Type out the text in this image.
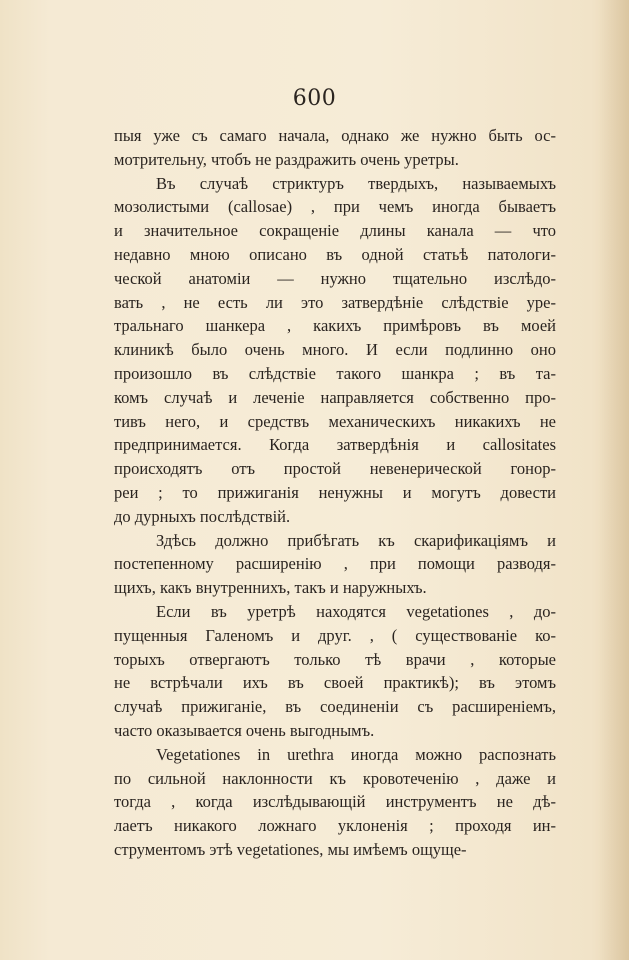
600
пыя уже съ самаго начала, однако же нужно быть ос-
мотрительну, чтобъ не раздражить очень уретры.
Въ случаѣ стриктуръ твердыхъ, называемыхъ
мозолистыми (callosae) , при чемъ иногда бываетъ
и значительное сокращеніе длины канала — что
недавно мною описано въ одной статьѣ патологи-
ческой анатоміи — нужно тщательно изслѣдо-
вать , не есть ли это затвердѣніе слѣдствіе уре-
тральнаго шанкера , какихъ примѣровъ въ моей
клиникѣ было очень много. И если подлинно оно
произошло въ слѣдствіе такого шанкра ; въ та-
комъ случаѣ и леченіе направляется собственно про-
тивъ него, и средствъ механическихъ никакихъ не
предпринимается. Когда затвердѣнія и callositates
происходятъ отъ простой невенерической гонор-
реи ; то прижиганія ненужны и могутъ довести
до дурныхъ послѣдствій.
Здѣсь должно прибѣгать къ скарификаціямъ и
постепенному расширенію , при помощи разводя-
щихъ, какъ внутреннихъ, такъ и наружныхъ.
Если въ уретрѣ находятся vegetationes , до-
пущенныя Галеномъ и друг. , ( существованіе ко-
торыхъ отвергаютъ только тѣ врачи , которые
не встрѣчали ихъ въ своей практикѣ); въ этомъ
случаѣ прижиганіе, въ соединеніи съ расширеніемъ,
часто оказывается очень выгоднымъ.
Vegetationes in urethra иногда можно распознать
по сильной наклонности къ кровотеченію , даже и
тогда , когда изслѣдывающій инструментъ не дѣ-
лаетъ никакого ложнаго уклоненія ; проходя ин-
струментомъ этѣ vegetationes, мы имѣемъ ощуще-
